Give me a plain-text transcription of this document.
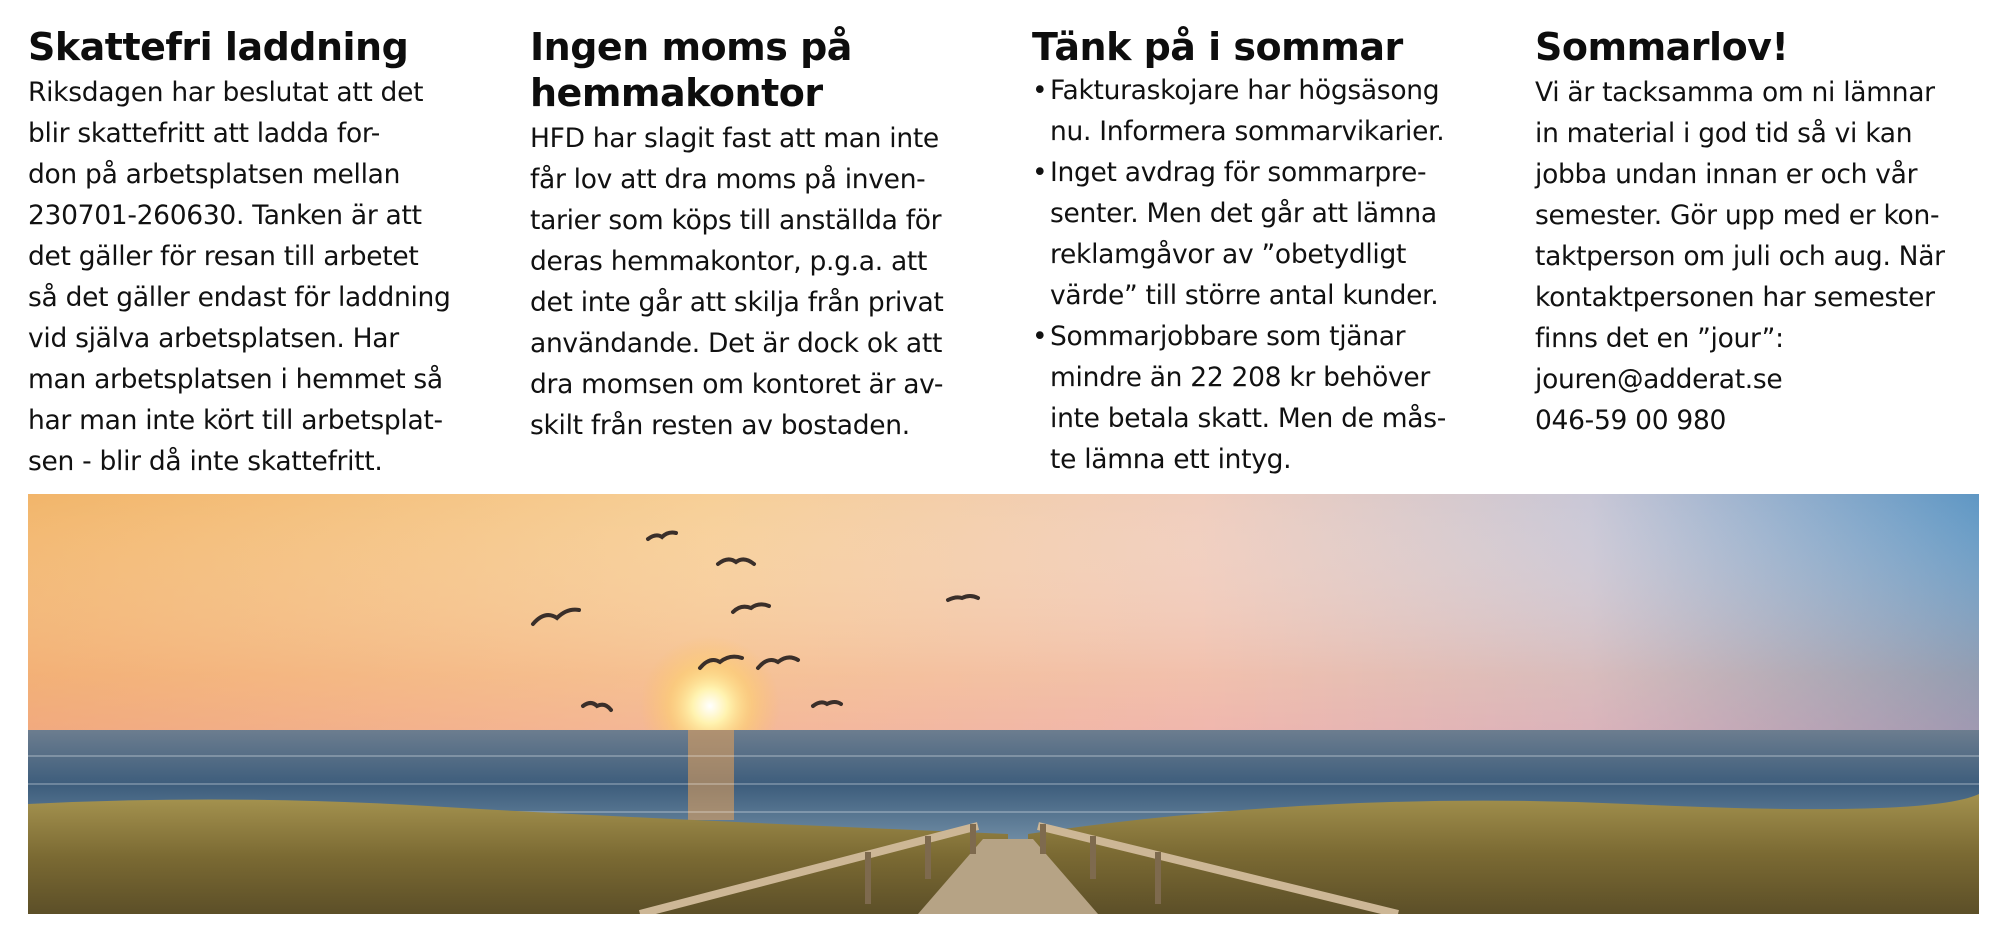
Skattefri laddning

Riksdagen har beslutat att det
blir skattefritt att ladda for-
don på arbetsplatsen mellan
230701-260630. Tanken är att
det gäller för resan till arbetet
så det gäller endast för laddning
vid själva arbetsplatsen. Har
man arbetsplatsen i hemmet så
har man inte kört till arbetsplat-
sen - blir då inte skattefritt.

Ingen moms på
hemmakontor

HFD har slagit fast att man inte
får lov att dra moms på inven-
tarier som köps till anställda för
deras hemmakontor, p.g.a. att
det inte går att skilja från privat
användande. Det är dock ok att
dra momsen om kontoret är av-
skilt från resten av bostaden.

Tänk på i sommar
• Fakturaskojare har högsäsong
nu. Informera sommarvikarier.
• Inget avdrag för sommarpre-
senter. Men det går att lämna
reklamgåvor av ”obetydligt
värde” till större antal kunder.
• Sommarjobbare som tjänar
mindre än 22 208 kr behöver
inte betala skatt. Men de mås-
te lämna ett intyg.
Sommarlov!

Vi är tacksamma om ni lämnar
in material i god tid så vi kan
jobba undan innan er och vår
semester. Gör upp med er kon-
taktperson om juli och aug. När
kontaktpersonen har semester
finns det en ”jour”:
jouren@adderat.se
046-59 00 980
